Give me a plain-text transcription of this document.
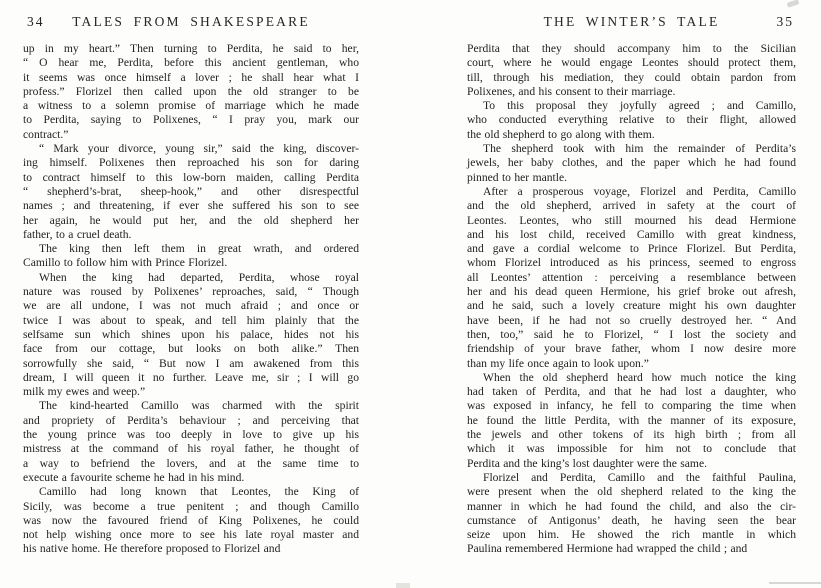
34	TALES FROM SHAKESPEARE

up in my heart.” Then turning to Perdita, he said to her,
“ O hear me, Perdita, before this ancient gentleman, who
it seems was once himself a lover ; he shall hear what I
profess.” Florizel then called upon the old stranger to be
a witness to a solemn promise of marriage which he made
to Perdita, saying to Polixenes, “ I pray you, mark our
contract.”

“ Mark your divorce, young sir,” said the king, discover-
ing himself. Polixenes then reproached his son for daring
to contract himself to this low-born maiden, calling Perdita
“ shepherd’s-brat, sheep-hook,” and other disrespectful
names ; and threatening, if ever she suffered his son to see
her again, he would put her, and the old shepherd her
father, to a cruel death.

The king then left them in great wrath, and ordered
Camillo to follow him with Prince Florizel.

When the king had departed, Perdita, whose royal
nature was roused by Polixenes’ reproaches, said, “ Though
we are all undone, I was not much afraid ; and once or
twice I was about to speak, and tell him plainly that the
selfsame sun which shines upon his palace, hides not his
face from our cottage, but looks on both alike.” Then
sorrowfully she said, “ But now I am awakened from this
dream, I will queen it no further. Leave me, sir ; I will go
milk my ewes and weep.”

The kind-hearted Camillo was charmed with the spirit
and propriety of Perdita’s behaviour ; and perceiving that
the young prince was too deeply in love to give up his
mistress at the command of his royal father, he thought of
a way to befriend the lovers, and at the same time to
execute a favourite scheme he had in his mind.

Camillo had long known that Leontes, the King of
Sicily, was become a true penitent ; and though Camillo
was now the favoured friend of King Polixenes, he could
not help wishing once more to see his late royal master and
his native home. He therefore proposed to Florizel and

THE WINTER’S TALE	35

Perdita that they should accompany him to the Sicilian
court, where he would engage Leontes should protect them,
till, through his mediation, they could obtain pardon from
Polixenes, and his consent to their marriage.

To this proposal they joyfully agreed ; and Camillo,
who conducted everything relative to their flight, allowed
the old shepherd to go along with them.

The shepherd took with him the remainder of Perdita’s
jewels, her baby clothes, and the paper which he had found
pinned to her mantle.

After a prosperous voyage, Florizel and Perdita, Camillo
and the old shepherd, arrived in safety at the court of
Leontes. Leontes, who still mourned his dead Hermione
and his lost child, received Camillo with great kindness,
and gave a cordial welcome to Prince Florizel. But Perdita,
whom Florizel introduced as his princess, seemed to engross
all Leontes’ attention : perceiving a resemblance between
her and his dead queen Hermione, his grief broke out afresh,
and he said, such a lovely creature might his own daughter
have been, if he had not so cruelly destroyed her. “ And
then, too,” said he to Florizel, “ I lost the society and
friendship of your brave father, whom I now desire more
than my life once again to look upon.”

When the old shepherd heard how much notice the king
had taken of Perdita, and that he had lost a daughter, who
was exposed in infancy, he fell to comparing the time when
he found the little Perdita, with the manner of its exposure,
the jewels and other tokens of its high birth ; from all
which it was impossible for him not to conclude that
Perdita and the king’s lost daughter were the same.

Florizel and Perdita, Camillo and the faithful Paulina,
were present when the old shepherd related to the king the
manner in which he had found the child, and also the cir-
cumstance of Antigonus’ death, he having seen the bear
seize upon him. He showed the rich mantle in which
Paulina remembered Hermione had wrapped the child ; and
